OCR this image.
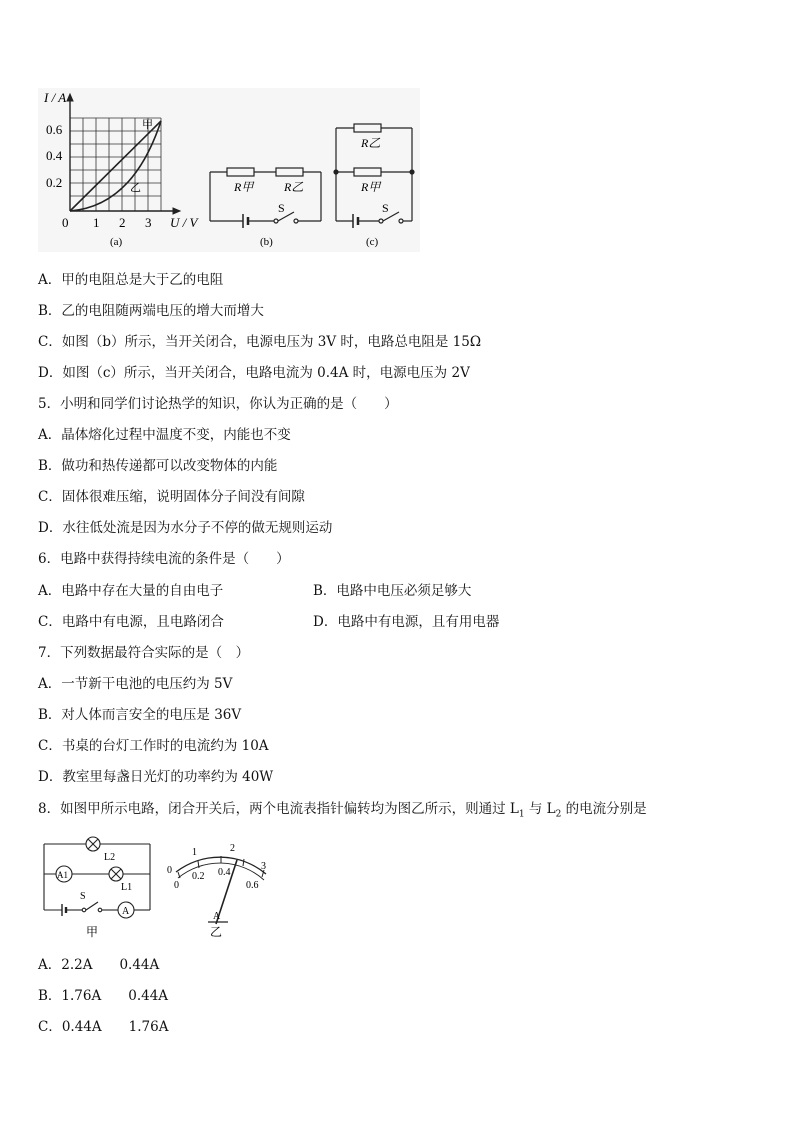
I / A
0.6
0.4
0.2
0 1 2 3 U / V
甲
乙
(a)
R甲	R乙
S
(b)
R乙
R甲
S
(c)
A．甲的电阻总是大于乙的电阻
B．乙的电阻随两端电压的增大而增大
C．如图（b）所示，当开关闭合，电源电压为 3V 时，电路总电阻是 15Ω
D．如图（c）所示，当开关闭合，电路电流为 0.4A 时，电源电压为 2V
5．小明和同学们讨论热学的知识，你认为正确的是（　　）
A．晶体熔化过程中温度不变，内能也不变
B．做功和热传递都可以改变物体的内能
C．固体很难压缩，说明固体分子间没有间隙
D．水往低处流是因为水分子不停的做无规则运动
6．电路中获得持续电流的条件是（　　）
A．电路中存在大量的自由电子	B．电路中电压必须足够大
C．电路中有电源，且电路闭合	D．电路中有电源，且有用电器
7．下列数据最符合实际的是（　）
A．一节新干电池的电压约为 5V
B．对人体而言安全的电压是 36V
C．书桌的台灯工作时的电流约为 10A
D．教室里每盏日光灯的功率约为 40W
8．如图甲所示电路，闭合开关后，两个电流表指针偏转均为图乙所示，则通过 $L_1$ 与 $L_2$ 的电流分别是
L2
L1
A1
A
S
甲
0
1	2
3
0
0.2 0.4
0.6
A
乙
A．2.2A　　0.44A
B．1.76A　　0.44A
C．0.44A　　1.76A
